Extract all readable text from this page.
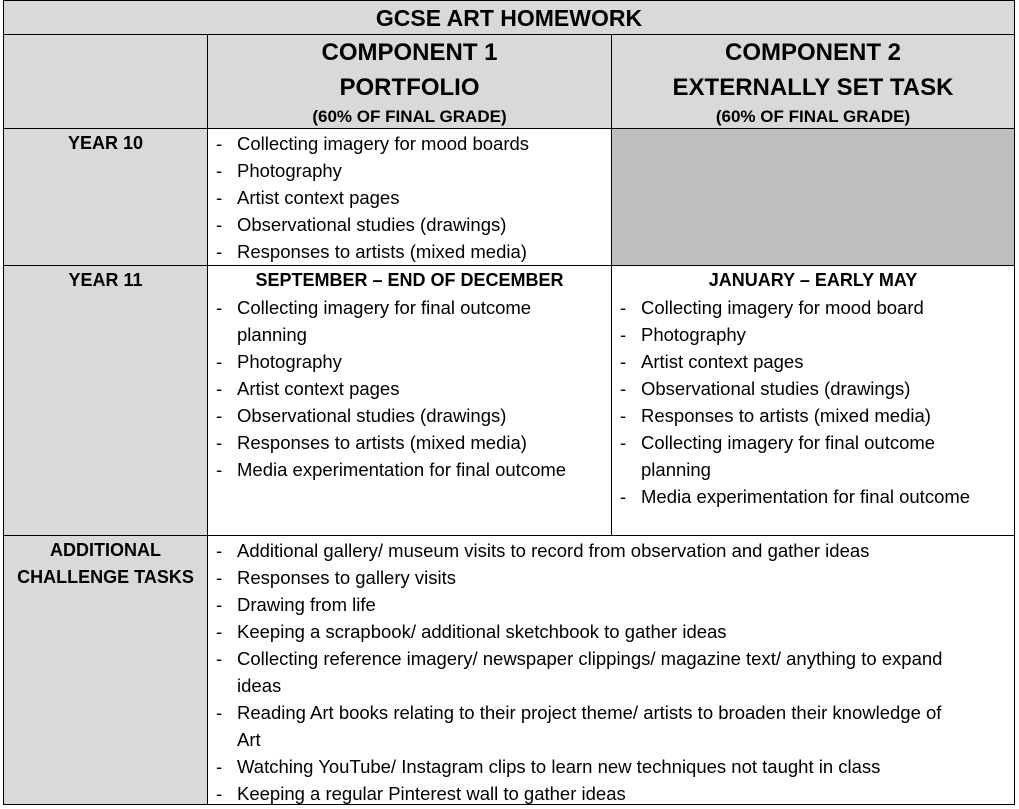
GCSE ART HOMEWORK
COMPONENT 1
PORTFOLIO
(60% OF FINAL GRADE)
COMPONENT 2
EXTERNALLY SET TASK
(60% OF FINAL GRADE)
YEAR 10
-	Collecting imagery for mood boards
- Photography
- Artist context pages
- Observational studies (drawings)
- Responses to artists (mixed media)
YEAR 11	SEPTEMBER – END OF DECEMBER
- Collecting imagery for final outcome planning
- Photography
- Artist context pages
- Observational studies (drawings)
- Responses to artists (mixed media)
- Media experimentation for final outcome
JANUARY – EARLY MAY
- Collecting imagery for mood board
- Photography
- Artist context pages
- Observational studies (drawings)
- Responses to artists (mixed media)
- Collecting imagery for final outcome planning
- Media experimentation for final outcome
ADDITIONAL
CHALLENGE TASKS
- Additional gallery/ museum visits to record from observation and gather ideas
- Responses to gallery visits
- Drawing from life
- Keeping a scrapbook/ additional sketchbook to gather ideas
- Collecting reference imagery/ newspaper clippings/ magazine text/ anything to expand ideas
- Reading Art books relating to their project theme/ artists to broaden their knowledge of Art
- Watching YouTube/ Instagram clips to learn new techniques not taught in class
- Keeping a regular Pinterest wall to gather ideas
